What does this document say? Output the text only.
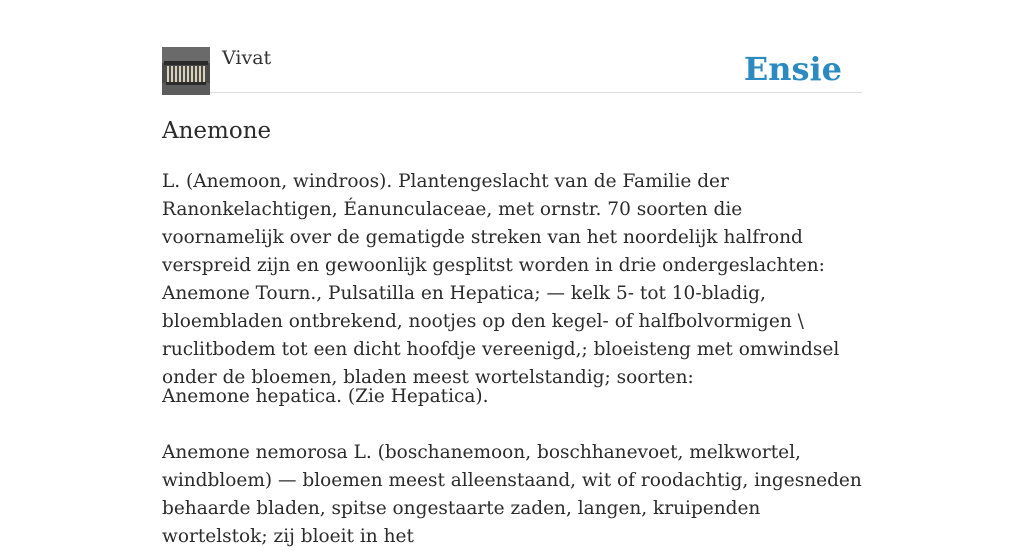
Vivat	Ensie
Anemone

L. (Anemoon, windroos). Plantengeslacht van de Familie der Ranonkelachtigen, Éanunculaceae, met ornstr. 70 soorten die voornamelijk over de gematigde streken van het noordelijk halfrond verspreid zijn en gewoonlijk gesplitst worden in drie ondergeslachten: Anemone Tourn., Pulsatilla en Hepatica; — kelk 5- tot 10-bladig, bloembladen ontbrekend, nootjes op den kegel- of halfbolvormigen \ ruclitbodem tot een dicht hoofdje vereenigd,; bloeisteng met omwindsel onder de bloemen, bladen meest wortelstandig; soorten:

Anemone hepatica. (Zie Hepatica).

Anemone nemorosa L. (boschanemoon, boschhanevoet, melkwortel, windbloem) — bloemen meest alleenstaand, wit of roodachtig, ingesneden behaarde bladen, spitse ongestaarte zaden, langen, kruipenden wortelstok; zij bloeit in het
